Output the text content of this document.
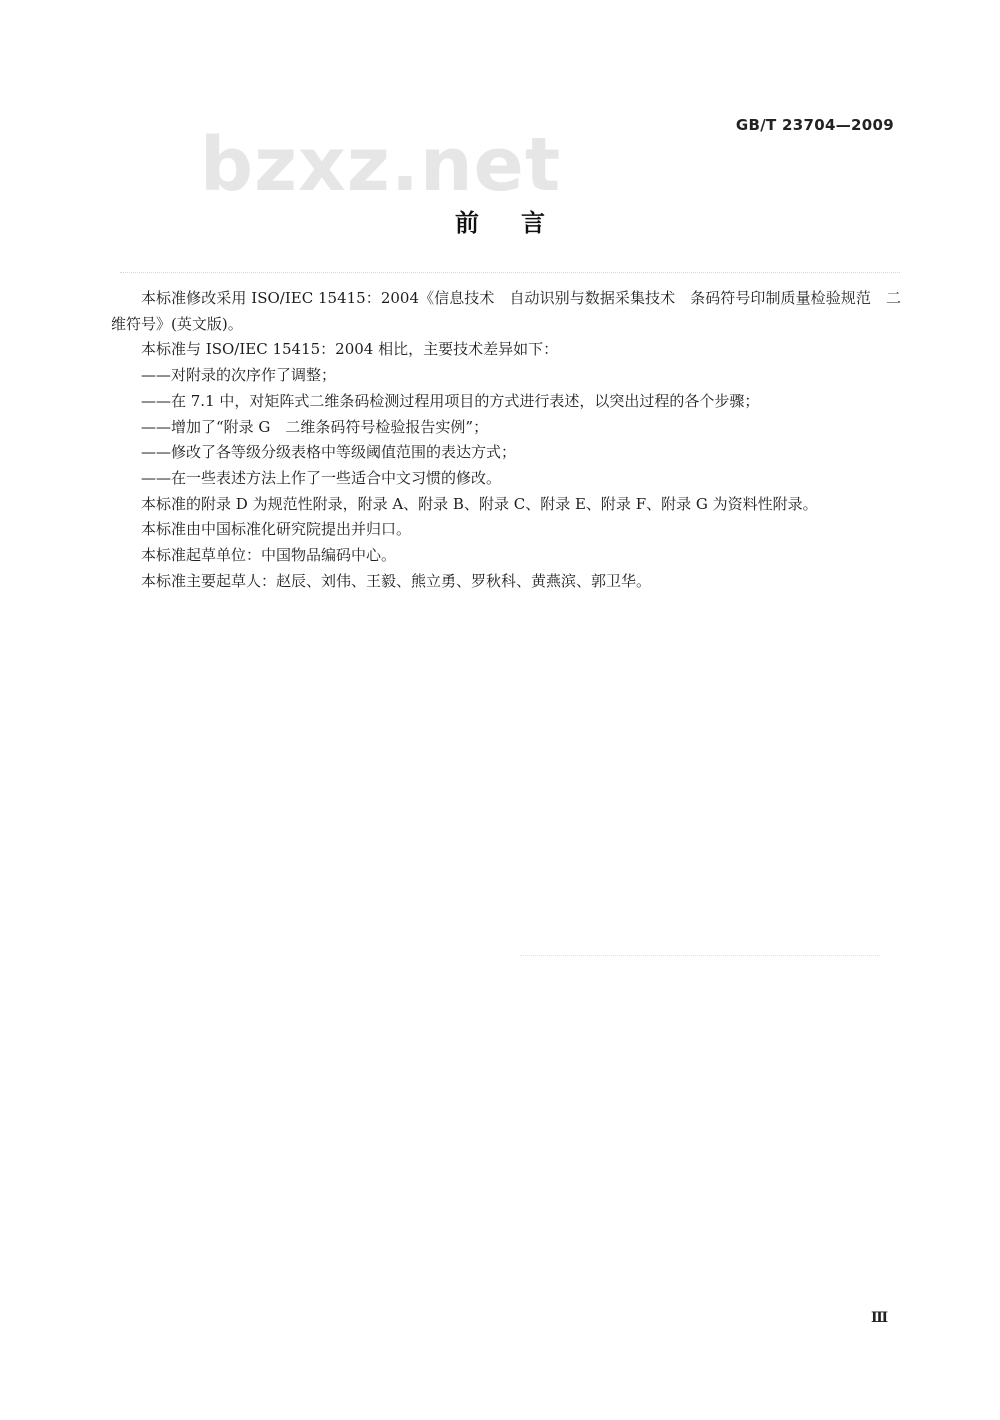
bzxz.net	GB/T 23704—2009
前言

本标准修改采用 ISO/IEC 15415：2004《信息技术　自动识别与数据采集技术　条码符号印制质量检验规范　二维符号》(英文版)。

本标准与 ISO/IEC 15415：2004 相比，主要技术差异如下：

——对附录的次序作了调整；

——在 7.1 中，对矩阵式二维条码检测过程用项目的方式进行表述，以突出过程的各个步骤；

——增加了“附录 G　二维条码符号检验报告实例”；

——修改了各等级分级表格中等级阈值范围的表达方式；

——在一些表述方法上作了一些适合中文习惯的修改。

本标准的附录 D 为规范性附录，附录 A、附录 B、附录 C、附录 E、附录 F、附录 G 为资料性附录。

本标准由中国标准化研究院提出并归口。

本标准起草单位：中国物品编码中心。

本标准主要起草人：赵辰、刘伟、王毅、熊立勇、罗秋科、黄燕滨、郭卫华。

Ⅲ
